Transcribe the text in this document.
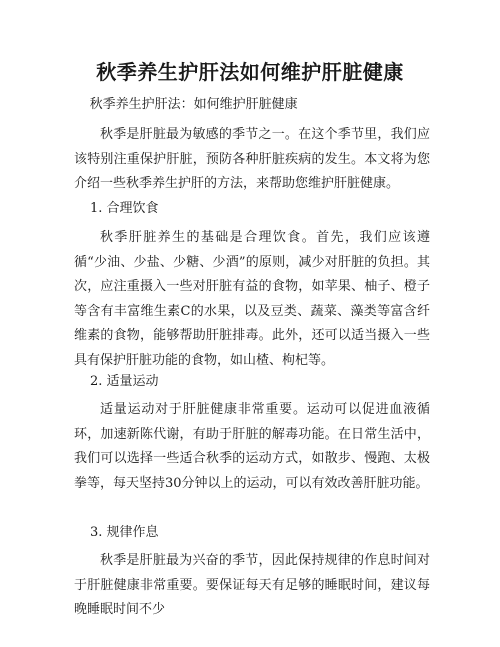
秋季养生护肝法如何维护肝脏健康

秋季养生护肝法：如何维护肝脏健康

秋季是肝脏最为敏感的季节之一。在这个季节里，我们应该特别注重保护肝脏，预防各种肝脏疾病的发生。本文将为您介绍一些秋季养生护肝的方法，来帮助您维护肝脏健康。

1. 合理饮食

秋季肝脏养生的基础是合理饮食。首先，我们应该遵循“少油、少盐、少糖、少酒”的原则，减少对肝脏的负担。其次，应注重摄入一些对肝脏有益的食物，如苹果、柚子、橙子等含有丰富维生素C的水果，以及豆类、蔬菜、藻类等富含纤维素的食物，能够帮助肝脏排毒。此外，还可以适当摄入一些具有保护肝脏功能的食物，如山楂、枸杞等。

2. 适量运动

适量运动对于肝脏健康非常重要。运动可以促进血液循环，加速新陈代谢，有助于肝脏的解毒功能。在日常生活中，我们可以选择一些适合秋季的运动方式，如散步、慢跑、太极拳等，每天坚持30分钟以上的运动，可以有效改善肝脏功能。

3. 规律作息

秋季是肝脏最为兴奋的季节，因此保持规律的作息时间对于肝脏健康非常重要。要保证每天有足够的睡眠时间，建议每晚睡眠时间不少
